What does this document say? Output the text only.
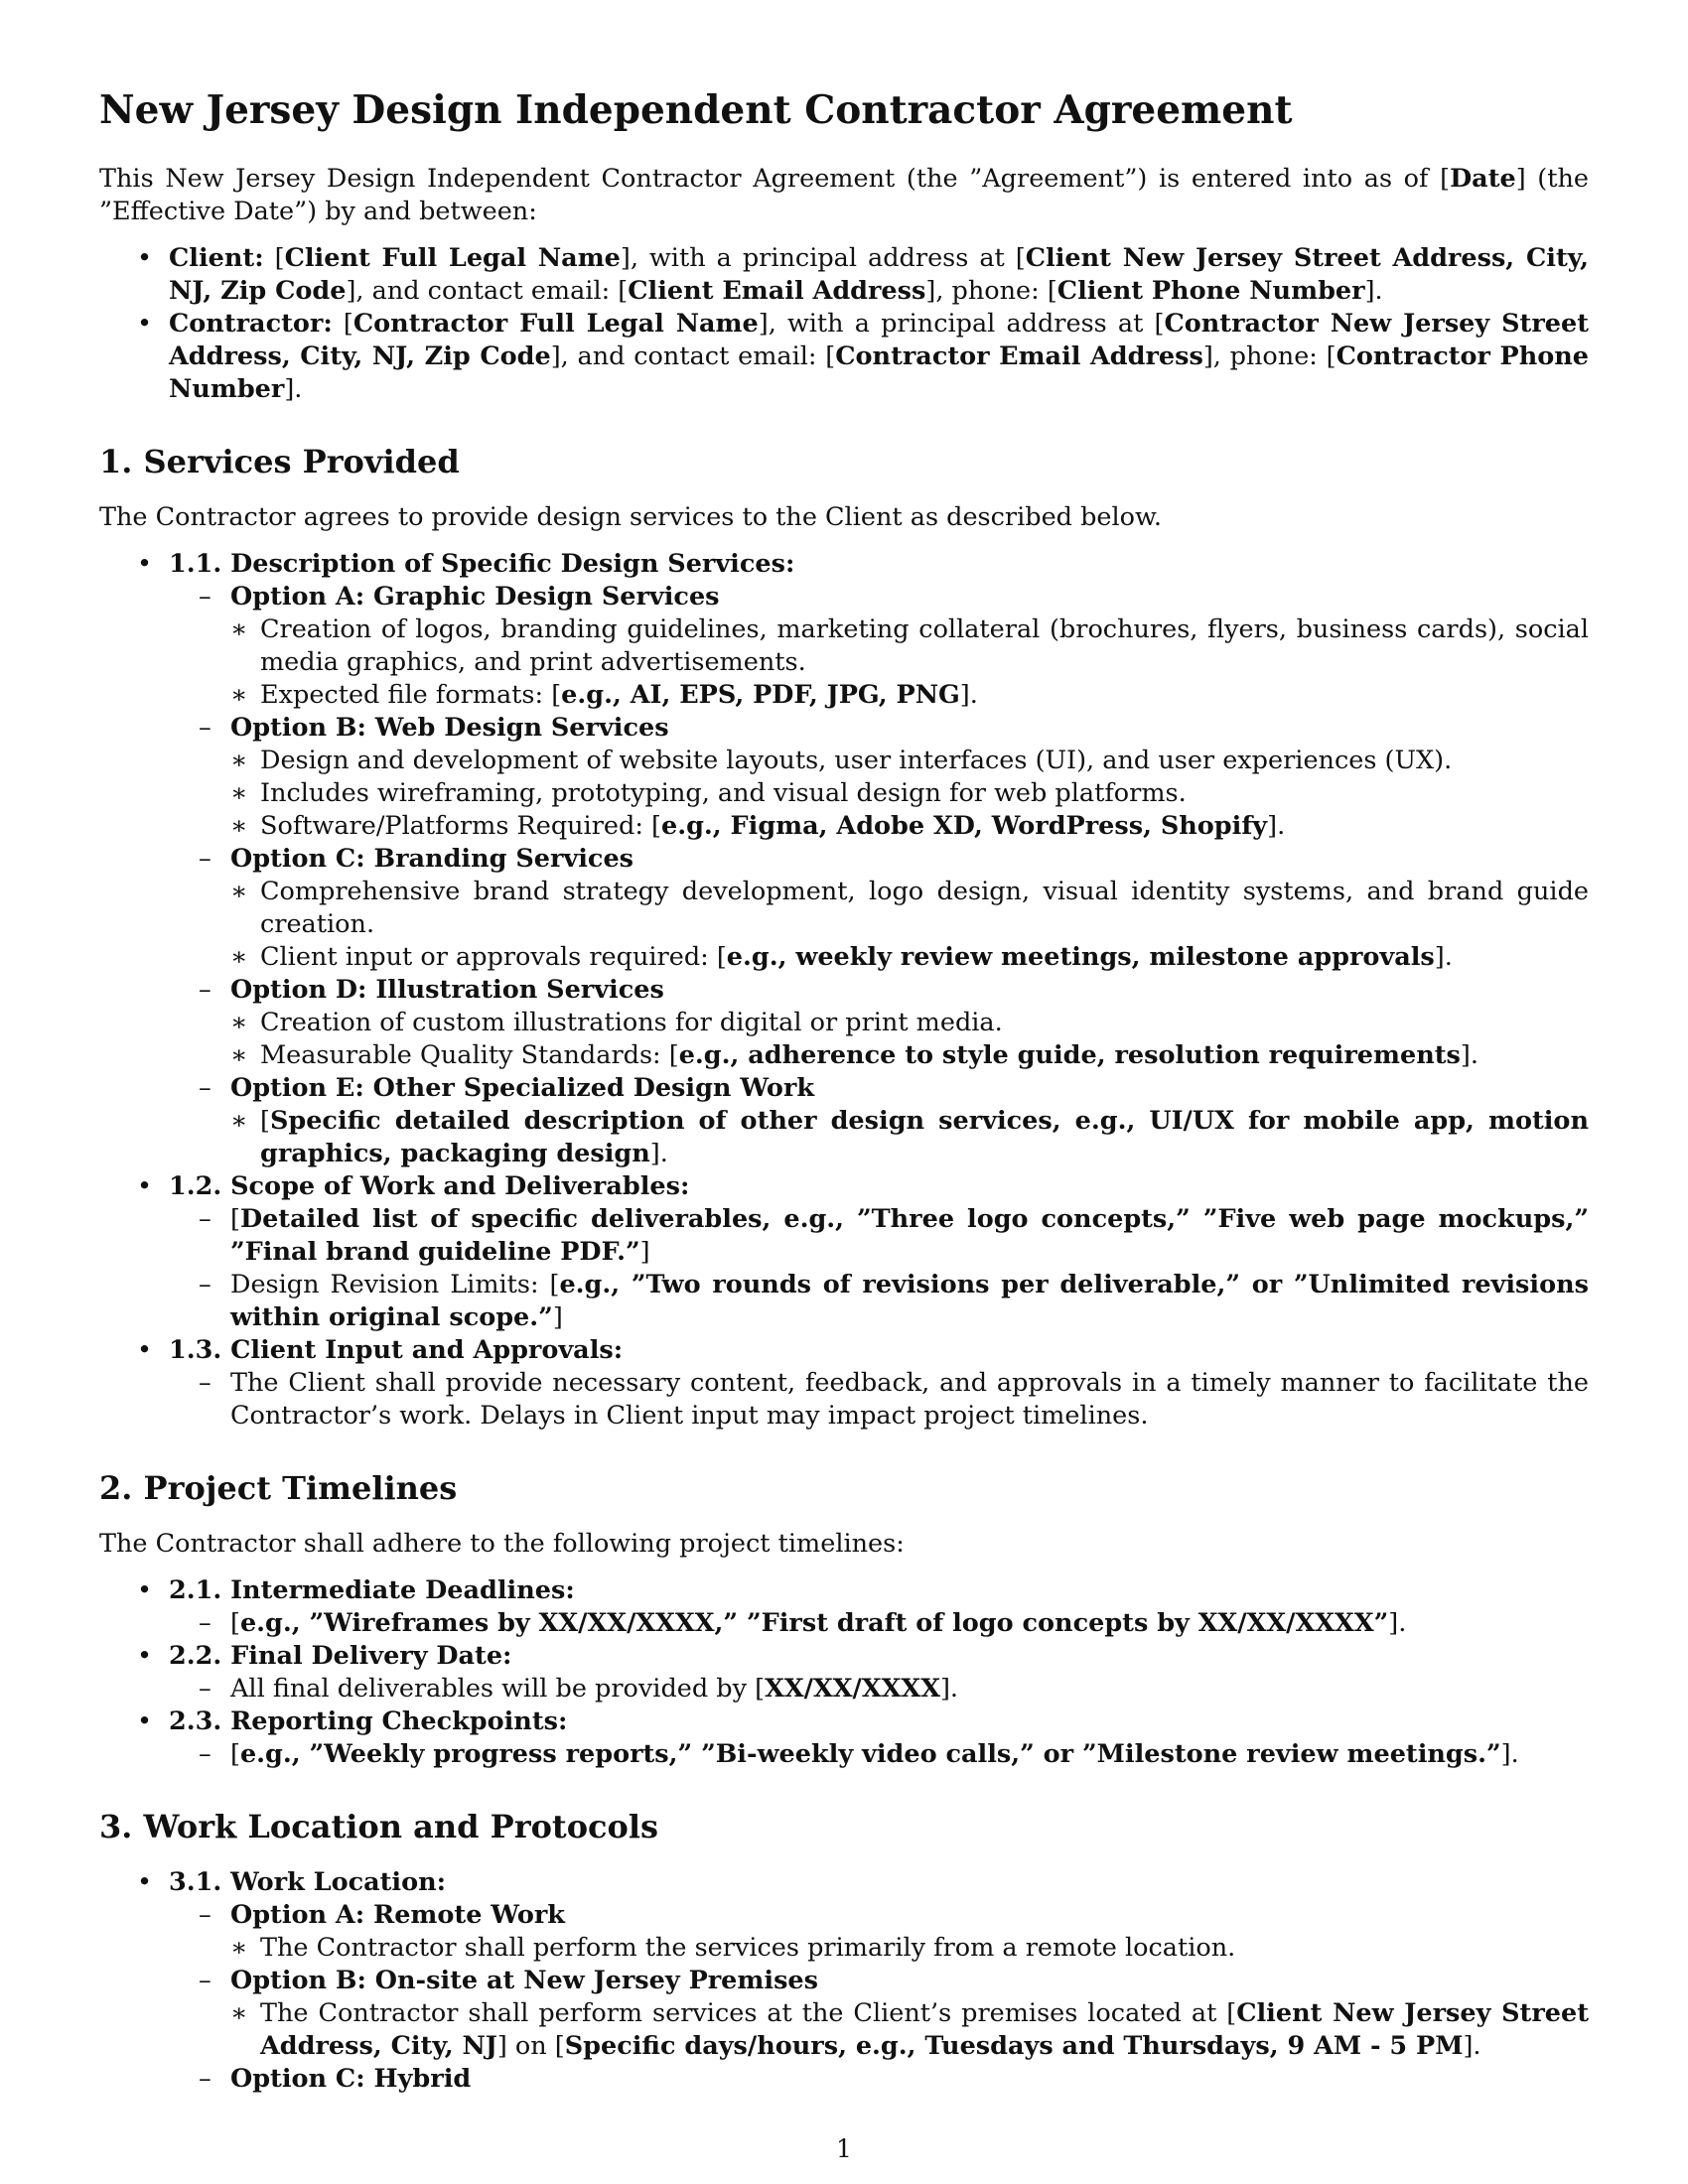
New Jersey Design Independent Contractor Agreement

This New Jersey Design Independent Contractor Agreement (the ”Agreement”) is entered into as of [Date] (the ”Effective Date”) by and between:

• Client: [Client Full Legal Name], with a principal address at [Client New Jersey Street Address, City, NJ, Zip Code], and contact email: [Client Email Address], phone: [Client Phone Number].
• Contractor: [Contractor Full Legal Name], with a principal address at [Contractor New Jersey Street Address, City, NJ, Zip Code], and contact email: [Contractor Email Address], phone: [Contractor Phone Number].
1. Services Provided

The Contractor agrees to provide design services to the Client as described below.

• 1.1. Description of Specific Design Services:
– Option A: Graphic Design Services
∗ Creation of logos, branding guidelines, marketing collateral (brochures, flyers, business cards), social media graphics, and print advertisements.
∗ Expected file formats: [e.g., AI, EPS, PDF, JPG, PNG].
– Option B: Web Design Services
∗ Design and development of website layouts, user interfaces (UI), and user experiences (UX).
∗ Includes wireframing, prototyping, and visual design for web platforms.
∗ Software/Platforms Required: [e.g., Figma, Adobe XD, WordPress, Shopify].
– Option C: Branding Services
∗ Comprehensive brand strategy development, logo design, visual identity systems, and brand guide creation.
∗ Client input or approvals required: [e.g., weekly review meetings, milestone approvals].
– Option D: Illustration Services
∗ Creation of custom illustrations for digital or print media.
∗ Measurable Quality Standards: [e.g., adherence to style guide, resolution requirements].
– Option E: Other Specialized Design Work
∗ [Specific detailed description of other design services, e.g., UI/UX for mobile app, motion graphics, packaging design].
• 1.2. Scope of Work and Deliverables:
– [Detailed list of specific deliverables, e.g., ”Three logo concepts,” ”Five web page mockups,” ”Final brand guideline PDF.”]
– Design Revision Limits: [e.g., ”Two rounds of revisions per deliverable,” or ”Unlimited revisions within original scope.”]
• 1.3. Client Input and Approvals:
– The Client shall provide necessary content, feedback, and approvals in a timely manner to facilitate the Contractor’s work. Delays in Client input may impact project timelines.
2. Project Timelines

The Contractor shall adhere to the following project timelines:

• 2.1. Intermediate Deadlines:
– [e.g., ”Wireframes by XX/XX/XXXX,” ”First draft of logo concepts by XX/XX/XXXX”].
• 2.2. Final Delivery Date:
– All final deliverables will be provided by [XX/XX/XXXX].
• 2.3. Reporting Checkpoints:
– [e.g., ”Weekly progress reports,” ”Bi-weekly video calls,” or ”Milestone review meetings.”].
3. Work Location and Protocols
• 3.1. Work Location:
– Option A: Remote Work
∗ The Contractor shall perform the services primarily from a remote location.
– Option B: On-site at New Jersey Premises
∗ The Contractor shall perform services at the Client’s premises located at [Client New Jersey Street Address, City, NJ] on [Specific days/hours, e.g., Tuesdays and Thursdays, 9 AM - 5 PM].
– Option C: Hybrid
1
